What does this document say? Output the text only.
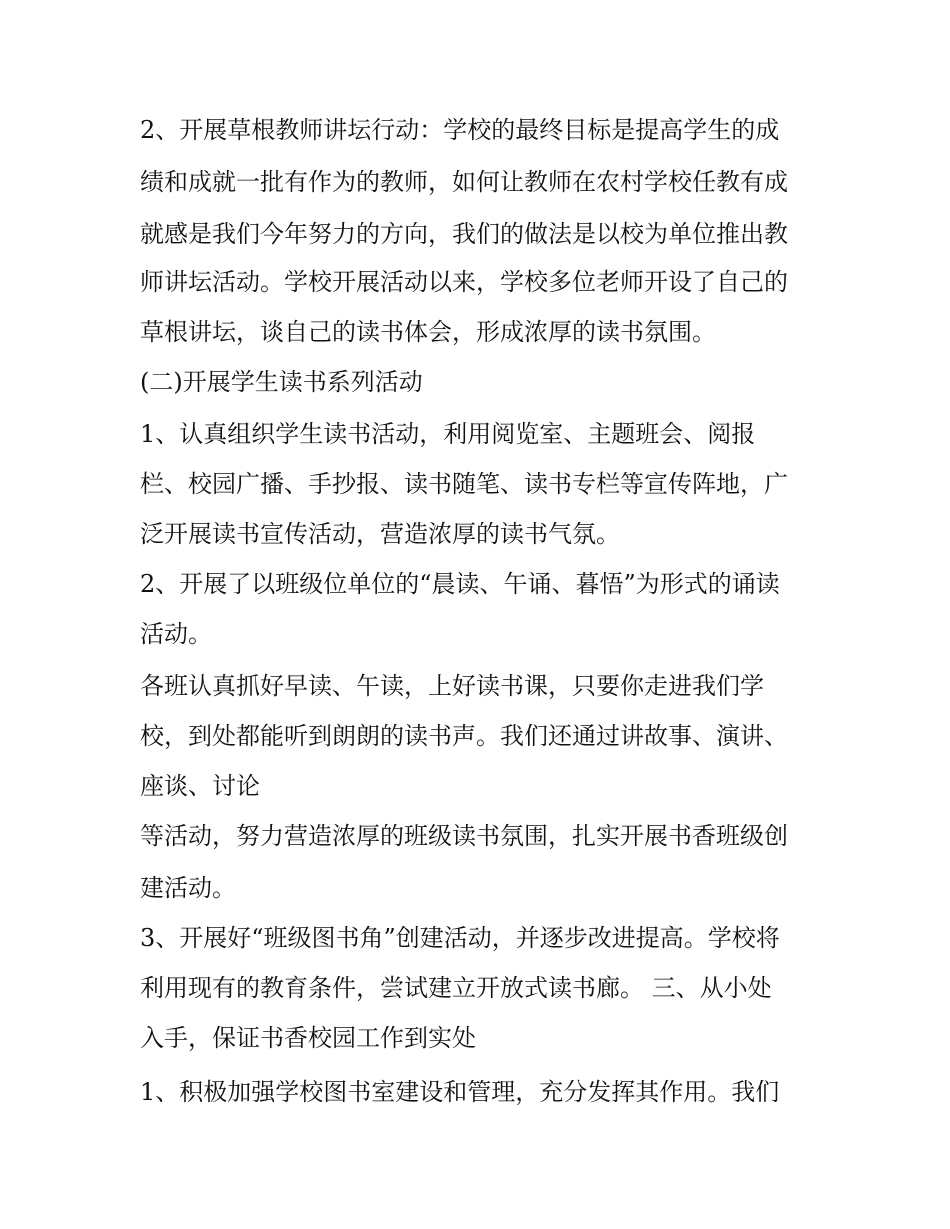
2、开展草根教师讲坛行动：学校的最终目标是提高学生的成
绩和成就一批有作为的教师，如何让教师在农村学校任教有成
就感是我们今年努力的方向，我们的做法是以校为单位推出教
师讲坛活动。学校开展活动以来，学校多位老师开设了自己的
草根讲坛，谈自己的读书体会，形成浓厚的读书氛围。
(二)开展学生读书系列活动
1、认真组织学生读书活动，利用阅览室、主题班会、阅报
栏、校园广播、手抄报、读书随笔、读书专栏等宣传阵地，广
泛开展读书宣传活动，营造浓厚的读书气氛。
2、开展了以班级位单位的“晨读、午诵、暮悟”为形式的诵读
活动。
各班认真抓好早读、午读，上好读书课，只要你走进我们学
校，到处都能听到朗朗的读书声。我们还通过讲故事、演讲、
座谈、讨论
等活动，努力营造浓厚的班级读书氛围，扎实开展书香班级创
建活动。
3、开展好“班级图书角”创建活动，并逐步改进提高。学校将
利用现有的教育条件，尝试建立开放式读书廊。 三、从小处
入手，保证书香校园工作到实处
1、积极加强学校图书室建设和管理，充分发挥其作用。我们
